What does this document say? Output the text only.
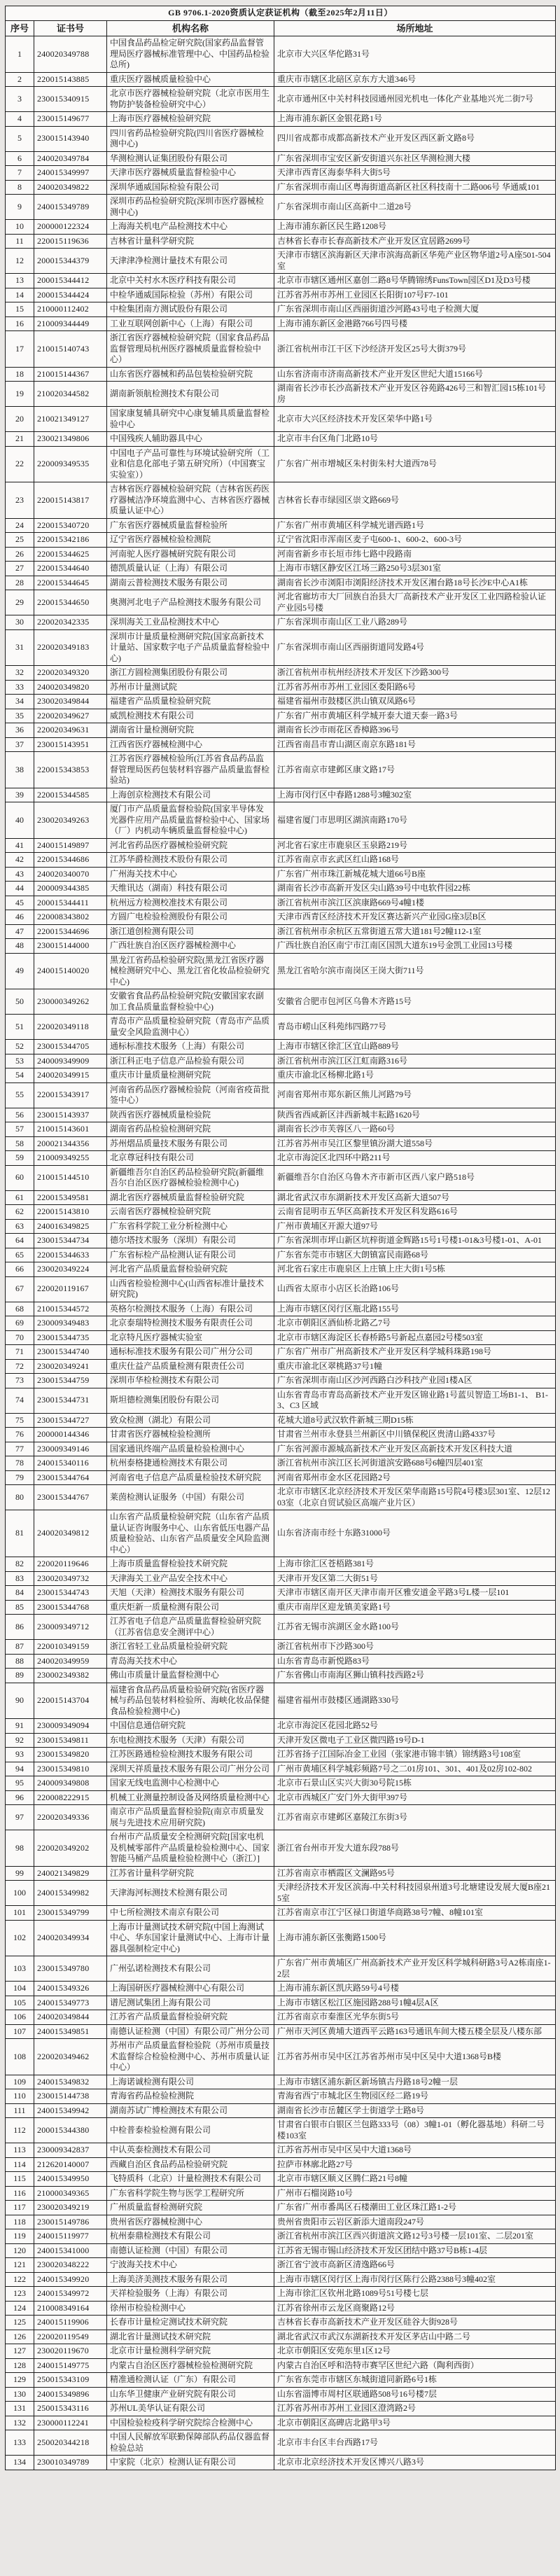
GB 9706.1-2020资质认定获证机构（截至2025年2月11日）			
序号	证书号	机构名称	场所地址
1	240020349788	中国食品药品检定研究院(国家药品监督管理局医疗器械标准管理中心、中国药品检验总所)	北京市大兴区华佗路31号
2	220015143885	重庆医疗器械质量检验中心	重庆市市辖区北碚区京东方大道346号
3	230015340915	北京市医疗器械检验研究院（北京市医用生物防护装备检验研究中心）	北京市通州区中关村科技园通州园光机电一体化产业基地兴光二街7号
4	230015149677	上海市医疗器械检验研究院	上海市浦东新区金银花路1号
5	230015143940	四川省药品检验研究院(四川省医疗器械检测中心)	四川省成都市成都高新技术产业开发区西区新文路8号
6	240020349784	华测检测认证集团股份有限公司	广东省深圳市宝安区新安街道兴东社区华测检测大楼
7	240015349997	天津市医疗器械质量监督检验中心	天津市西青区海泰华科大街5号
8	240020349822	深圳华通威国际检验有限公司	广东省深圳市南山区粤海街道高新区社区科技南十二路006号 华通威101
9	240015349789	深圳市药品检验研究院(深圳市医疗器械检测中心)	广东省深圳市南山区高新中二道28号
10	200000122324	上海海关机电产品检测技术中心	上海市浦东新区民生路1208号
11	220015119636	吉林省计量科学研究院	吉林省长春市长春高新技术产业开发区宜居路2699号
12	200015344379	天津津净检测计量技术有限公司	天津市市辖区滨海新区天津市滨海高新区华苑产业区物华道2号A座501-504室
13	200015344412	北京中关村水木医疗科技有限公司	北京市市辖区通州区嘉创二路8号华腾锦绣FunsTown园区D1及D3号楼
14	200015344424	中检华通威国际检验（苏州）有限公司	江苏省苏州市苏州工业园区长阳街107号F7-101
15	210000112402	中检集团南方测试股份有限公司	广东省深圳市南山区西丽街道沙河路43号电子检测大厦
16	210009344449	工业互联网创新中心（上海）有限公司	上海市浦东新区金港路766号四号楼
17	210015140743	浙江省医疗器械检验研究院（国家食品药品监督管理局杭州医疗器械质量监督检验中心）	浙江省杭州市江干区下沙经济开发区25号大街379号
18	210015144367	山东省医疗器械和药品包装检验研究院	山东省济南市济南高新技术产业开发区世纪大道15166号
19	210020344582	湖南新领航检测技术有限公司	湖南省长沙市长沙高新技术产业开发区谷苑路426号三和智汇园15栋101号房
20	210021349127	国家康复辅具研究中心康复辅具质量监督检验中心	北京市大兴区经济技术开发区荣华中路1号
21	230021349806	中国残疾人辅助器具中心	北京市丰台区角门北路10号
22	220009349535	中国电子产品可靠性与环境试验研究所（工业和信息化部电子第五研究所）（中国赛宝实验室））	广东省广州市增城区朱村街朱村大道西78号
23	220015143817	吉林省医疗器械检验研究院（吉林省医药医疗器械洁净环境监测中心、吉林省医疗器械质量认证中心）	吉林省长春市绿园区崇文路669号
24	220015340720	广东省医疗器械质量监督检验所	广东省广州市黄埔区科学城光谱西路1号
25	220015342186	辽宁省医疗器械检验检测院	辽宁省沈阳市浑南区麦子屯600-1、600-2、600-3号
26	220015344625	河南驼人医疗器械研究院有限公司	河南省新乡市长垣市纬七路中段路南
27	220015344640	德凯质量认证（上海）有限公司	上海市市辖区静安区江场三路250号3层301室
28	220015344645	湖南云普检测技术服务有限公司	湖南省长沙市浏阳市浏阳经济技术开发区湘台路18号长沙E中心A1栋
29	220015344650	奥测河北电子产品检测技术服务有限公司	河北省廊坊市大厂回族自治县大厂高新技术产业开发区工业四路检验认证产业园5号楼
30	220020342335	深圳海关工业品检测技术中心	广东省深圳市南山区工业八路289号
31	220020349183	深圳市计量质量检测研究院(国家高新技术计量站、国家数字电子产品质量监督检验中心)	广东省深圳市南山区西丽街道同发路4号
32	220020349320	浙江方圆检测集团股份有限公司	浙江省杭州市杭州经济技术开发区下沙路300号
33	240020349820	苏州市计量测试院	江苏省苏州市苏州工业园区娄阳路6号
34	230020349844	福建省产品质量检验研究院	福建省福州市鼓楼区洪山镇双凤路6号
35	220020349627	威凯检测技术有限公司	广东省广州市黄埔区科学城开泰大道天泰一路3号
36	220020349631	湖南省计量检测研究院	湖南省长沙市雨花区香樟路396号
37	230015143951	江西省医疗器械检测中心	江西省南昌市青山湖区南京东路181号
38	220015343853	江苏省医疗器械检验所(江苏省食品药品监督管理局医药包装材料容器产品质量监督检验站)	江苏省南京市建邺区康文路17号
39	220015344585	上海创京检测技术有限公司	上海市闵行区中春路1288号3幢302室
40	230020349263	厦门市产品质量监督检验院(国家半导体发光器件应用产品质量监督检验中心、国家场（厂）内机动车辆质量监督检验中心)	福建省厦门市思明区湖滨南路170号
41	240015149897	河北省药品医疗器械检验研究院	河北省石家庄市鹿泉区玉泉路219号
42	220015344686	江苏华爵检测技术股份有限公司	江苏省南京市玄武区红山路168号
43	240020340070	广州海关技术中心	广东省广州市珠江新城花城大道66号B座
44	200009344385	天维讯达（湖南）科技有限公司	湖南省长沙市高新开发区尖山路39号中电软件园22栋
45	200015344411	杭州远方检测校准技术有限公司	浙江省杭州市滨江区滨康路669号4幢1楼
46	220008343802	方圆广电检验检测股份有限公司	天津市西青区经济技术开发区赛达新兴产业园G座3层B区
47	220015344696	浙江道创检测有限公司	浙江省杭州市余杭区五常街道五常大道181号2幢112-1室
48	230015144000	广西壮族自治区医疗器械检测中心	广西壮族自治区南宁市江南区国凯大道东19号金凯工业园13号楼
49	240015140020	黑龙江省药品检验研究院(黑龙江省医疗器械检测研究中心、黑龙江省化妆品检验研究中心)	黑龙江省哈尔滨市南岗区王岗大街711号
50	230000349262	安徽省食品药品检验研究院(安徽国家农副加工食品质量监督检验中心)	安徽省合肥市包河区乌鲁木齐路15号
51	220020349118	青岛市产品质量检验研究院（青岛市产品质量安全风险监测中心）	青岛市崂山区科苑纬四路77号
52	230015344705	通标标准技术服务（上海）有限公司	上海市市辖区徐汇区宜山路889号
53	240009349909	浙江科正电子信息产品检验有限公司	浙江省杭州市滨江区江虹南路316号
54	240020349915	重庆市计量质量检测研究院	重庆市渝北区杨柳北路1号
55	220015343917	河南省药品医疗器械检验院（河南省疫苗批签中心）	河南省郑州市郑东新区熊儿河路79号
56	230015143937	陕西省医疗器械质量检验院	陕西省西咸新区沣西新城丰耘路1620号
57	210015143601	湖南省药品检验检测研究院	湖南省长沙市芙蓉区八一路60号
58	200021344356	苏州熠品质量技术服务有限公司	江苏省苏州市吴江区黎里镇汾湖大道558号
59	210009349255	北京尊冠科技有限公司	北京市海淀区北四环中路211号
60	210015144510	新疆维吾尔自治区药品检验研究院(新疆维吾尔自治区医疗器械检验检测中心)	新疆维吾尔自治区乌鲁木齐市新市区西八家户路518号
61	220015349581	湖北省医疗器械质量监督检验研究院	湖北省武汉市东湖新技术开发区高新大道507号
62	220015143810	云南省医疗器械检验研究院	云南省昆明市五华区高新技术开发区科发路616号
63	240016349825	广东省科学院工业分析检测中心	广州市黄埔区开源大道97号
64	230015344734	德尔塔技术服务（深圳）有限公司	广东省深圳市坪山新区坑梓街道金辉路15号1号楼1-01&3号楼1-01、A-01
65	220015344633	广东省标检产品检测认证有限公司	广东省东莞市市辖区大朗镇富民南路68号
66	230020349224	河北省产品质量监督检验研究院	河北省石家庄市鹿泉区上庄镇上庄大街1号5栋
67	220020119167	山西省检验检测中心(山西省标准计量技术研究院)	山西省太原市小店区长治路106号
68	210015344572	英格尔检测技术服务（上海）有限公司	上海市市辖区闵行区瓶北路155号
69	230009349483	北京泰瑞特检测技术服务有限责任公司	北京市朝阳区酒仙桥北路乙7号
70	230015344735	北京特凡医疗器械实验室	北京市市辖区海淀区长春桥路5号新起点嘉园2号楼503室
71	230015344740	通标标准技术服务有限公司广州分公司	广东省广州市广州高新技术产业开发区科学城科珠路198号
72	230020349241	重庆仕益产品质量检测有限责任公司	重庆市渝北区翠桃路37号1幢
73	230015344759	深圳市华检检测技术有限公司	广东省深圳市南山区沙河西路白沙科技产业园1楼A区
74	230015344731	斯坦德检测集团股份有限公司	山东省青岛市青岛高新技术产业开发区锦业路1号蓝贝智造工场B1-1、 B1-3、C3 区域
75	230015344727	致众检测（湖北）有限公司	花城大道8号武汉软件新城三期D15栋
76	200000144346	甘肃省医疗器械检验检测所	甘肃省兰州市永登县兰州新区中川镇保税区贵清山路4337号
77	230009349146	国家通讯终端产品质量检验检测中心	广东省河源市源城高新技术产业开发区高新技术开发区科技大道
78	240015340116	杭州泰格捷通检测技术有限公司	浙江省杭州市滨江区长河街道滨安路688号6幢四层401室
79	230015344764	河南省电子信息产品质量检验技术研究院	河南省郑州市金水区花园路2号
80	230015344767	莱茵检测认证服务（中国）有限公司	北京市市辖区北京经济技术开发区荣华南路15号院4号楼3层301室、12层1203室（北京自贸试验区高端产业片区）
81	240020349812	山东省产品质量检验研究院（山东省产品质量认证咨询服务中心、山东省低压电器产品质量检验站、山东省产品质量安全风险监测中心）	山东省济南市经十东路31000号
82	220020119646	上海市质量监督检验技术研究院	上海市徐汇区苍梧路381号
83	230020349732	天津海关工业产品安全技术中心	天津市开发区第二大街51号
84	230015344743	天旭（天津）检测技术服务有限公司	天津市市辖区南开区天津市南开区雅安道金平路3号L楼一层101
85	230015344768	重庆炬新一质量检测有限公司	重庆市南岸区迎龙镇美家路1号
86	230009349712	江苏省电子信息产品质量监督检验研究院（江苏省信息安全测评中心）	江苏省无锡市滨湖区金水路100号
87	220010349159	浙江省轻工业品质量检验研究院	浙江省杭州市下沙路300号
88	240020349959	青岛海关技术中心	山东省青岛市新悦路83号
89	230002349382	佛山市质量计量监督检测中心	广东省佛山市南海区狮山镇科技西路2号
90	220015143704	福建省食品药品质量检验研究院(省医疗器械与药品包装材料检验所、海峡化妆品保健食品检验检测中心)	福建省福州市鼓楼区通湖路330号
91	230009349094	中国信息通信研究院	北京市海淀区花园北路52号
92	230015349811	东电检测技术服务（天津）有限公司	天津开发区微电子工业区微四路19号D-1
93	230015349820	江苏医路通检验检测技术服务有限公司	江苏省扬子江国际冶金工业园（张家港市锦丰镇）锦绣路3号108室
94	230015349810	深圳天祥质量技术服务有限公司广州分公司	广州市黄埔区科学城彩频路7号之二01房101、301、401及02房102-802
95	240009349808	国家无线电监测中心检测中心	北京市石景山区实兴大街30号院15栋
96	220008222915	机械工业测量控制设备及网络质量检测中心	北京市西城区广安门外大街甲397号
97	220020349336	南京市产品质量监督检验院(南京市质量发展与先进技术应用研究院)	江苏省南京市建邺区嘉陵江东街3号
98	220020349202	台州市产品质量安全检测研究院[国家电机及机械零部件产品质量检验检测中心、国家智能马桶产品质量检验检测中心（浙江）]	浙江省台州市开发大道东段788号
99	240021349829	江苏省计量科学研究院	江苏省南京市栖霞区文澜路95号
100	240015349982	天津海河标测技术检测有限公司	天津经济技术开发区滨海-中关村科技园泉州道3号北塘建设发展大厦B座215室
101	230015349799	中七所检测技术南京有限公司	江苏省南京市江宁区禄口街道华商路38号7幢、8幢101室
102	240020349934	上海市计量测试技术研究院(中国上海测试中心、华东国家计量测试中心、上海市计量器具强制检定中心)	上海市浦东新区张衡路1500号
103	230015349780	广州弘诺检测技术有限公司	广东省广州市黄埔区广州高新技术产业开发区科学城科研路3号A2栋南座1-2层
104	240015349326	上海国研医疗器械检测中心有限公司	上海市浦东新区凯庆路59号4号楼
105	240015349773	谱尼测试集团上海有限公司	上海市市辖区松江区施园路288号1幢4层A区
106	240020349844	江苏省产品质量监督检验研究院	江苏省南京市秦淮区光华东街5号
107	240015349851	南德认证检测（中国）有限公司广州分公司	广州市天河区黄埔大道西平云路163号通讯车间大楼五楼全层及八楼东部
108	220020349462	苏州市产品质量监督检验院（苏州市质量技术监督综合检验检测中心、苏州市质量认证中心）	江苏省苏州市吴中区江苏省苏州市吴中区吴中大道1368号B楼
109	240015349832	上海诺诚检测有限公司	上海市市辖区浦东新区新场镇古丹路18号2幢一层
110	230015144738	青海省药品检验检测院	青海省西宁市城北区生物园区经二路19号
111	240015349942	湖南苏试广博检测技术有限公司	湖南省长沙市岳麓区学士街道学士路8号
112	200015344380	中检普泰检验检测有限公司	甘肃省白银市白银区兰包路333号（08）3幢1-01（孵化器基地）科研二号楼103室
113	230009342837	中认英泰检测技术有限公司	江苏省苏州市吴中区吴中大道1368号
114	212620140007	西藏自治区食品药品检验研究院	拉萨市林廓北路27号
115	240015349950	飞特质科（北京）计量检测技术有限公司	北京市市辖区顺义区腾仁路21号8幢
116	210000349365	广东省科学院生物与医学工程研究所	广州市石榴岗路10号
117	230020349219	广州质量监督检测研究院	广东省广州市番禺区石楼潮田工业区珠江路1-2号
118	230015149786	贵州省医疗器械检测中心	贵州省贵阳市云岩区新添大道南段247号
119	240015119977	杭州泰鼎检测技术有限公司	浙江省杭州市滨江区西兴街道滨文路12号3号楼一层101室、二层201室
120	240015341000	南德认证检测（中国）有限公司	江苏省无锡市锡山经济技术开发区团结中路37号B栋1-4层
121	230020348222	宁波海关技术中心	浙江省宁波市高新区清逸路66号
122	240015349920	上海美济美测技术服务有限公司	上海市市辖区闵行区上海市闵行区陈行公路2388号3幢402室
123	240015349972	天祥检验服务（上海）有限公司	上海市徐汇区钦州北路1089号51号楼七层
124	210008349164	徐州市检验检测中心	江苏省徐州市云龙区商聚路12号
125	240015119906	长春市计量检定测试技术研究院	吉林省长春市高新技术产业开发区硅谷大街928号
126	220020119549	湖北省计量测试技术研究院	湖北省武汉市武汉东湖新技术开发区茅店山中路二号
127	230020119670	北京市计量检测科学研究院	北京市朝阳区安苑东里1区12号
128	240015149775	内蒙古自治区医疗器械检验检测研究院	内蒙古自治区呼和浩特市赛罕区世纪六路（陶利西街）
129	250015343109	精准通检测认证（广东）有限公司	广东省东莞市市辖区东城街道同新路6号1栋
130	240015349896	山东华卫健康产业研究院有限公司	山东省淄博市周村区联通路508号16号楼7层
131	250015343116	苏州UL美华认证有限公司	江苏省苏州市苏州工业园区澄湾路2号
132	230000112241	中国检验检疫科学研究院综合检测中心	北京市朝阳区高碑店北路甲3号
133	250020344218	中国人民解放军联勤保障部队药品仪器监督检验总站	北京市丰台区丰台西路17号
134	230010349789	中家院（北京）检测认证有限公司	北京市北京经济技术开发区博兴八路3号
